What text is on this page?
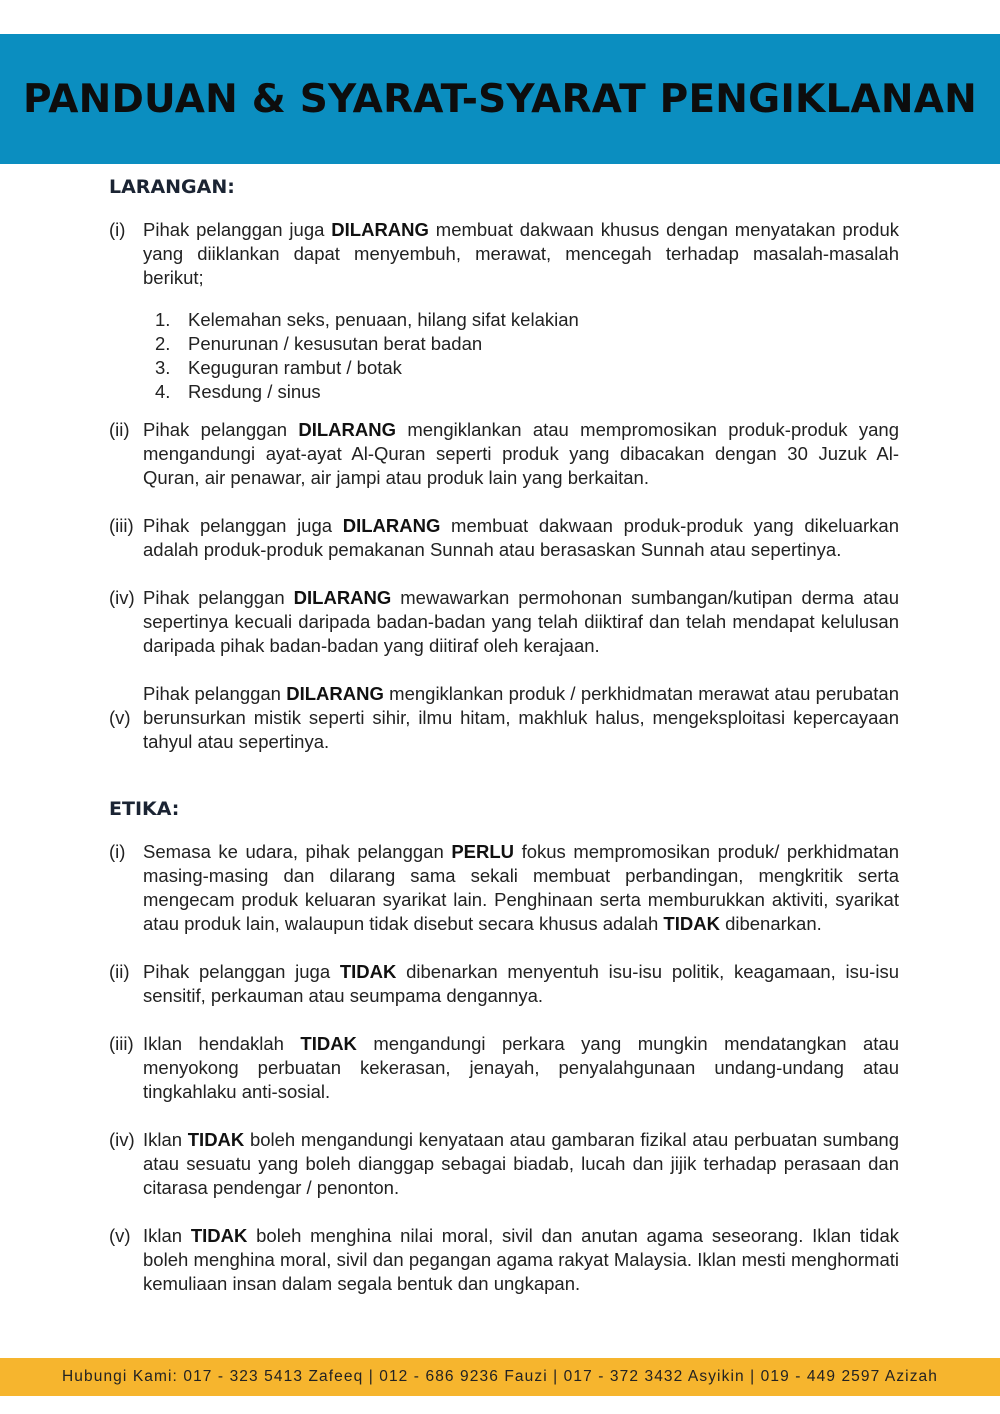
PANDUAN & SYARAT-SYARAT PENGIKLANAN
LARANGAN:
(i) Pihak pelanggan juga DILARANG membuat dakwaan khusus dengan menyatakan produk yang diiklankan dapat menyembuh, merawat, mencegah terhadap masalah-masalah berikut;

1. Kelemahan seks, penuaan, hilang sifat kelakian
2. Penurunan / kesusutan berat badan
3. Keguguran rambut / botak
4. Resdung / sinus
(ii) Pihak pelanggan DILARANG mengiklankan atau mempromosikan produk-produk yang mengandungi ayat-ayat Al-Quran seperti produk yang dibacakan dengan 30 Juzuk Al-Quran, air penawar, air jampi atau produk lain yang berkaitan.

(iii) Pihak pelanggan juga DILARANG membuat dakwaan produk-produk yang dikeluarkan adalah produk-produk pemakanan Sunnah atau berasaskan Sunnah atau sepertinya.

(iv) Pihak pelanggan DILARANG mewawarkan permohonan sumbangan/kutipan derma atau sepertinya kecuali daripada badan-badan yang telah diiktiraf dan telah mendapat kelulusan daripada pihak badan-badan yang diitiraf oleh kerajaan.

(v)

Pihak pelanggan DILARANG mengiklankan produk / perkhidmatan merawat atau perubatan berunsurkan mistik seperti sihir, ilmu hitam, makhluk halus, mengeksploitasi kepercayaan tahyul atau sepertinya.

ETIKA:
(i) Semasa ke udara, pihak pelanggan PERLU fokus mempromosikan produk/ perkhidmatan masing-masing dan dilarang sama sekali membuat perbandingan, mengkritik serta mengecam produk keluaran syarikat lain. Penghinaan serta memburukkan aktiviti, syarikat atau produk lain, walaupun tidak disebut secara khusus adalah TIDAK dibenarkan.

(ii) Pihak pelanggan juga TIDAK dibenarkan menyentuh isu-isu politik, keagamaan, isu-isu sensitif, perkauman atau seumpama dengannya.

(iii) Iklan hendaklah TIDAK mengandungi perkara yang mungkin mendatangkan atau menyokong perbuatan kekerasan, jenayah, penyalahgunaan undang-undang atau tingkahlaku anti-sosial.

(iv) Iklan TIDAK boleh mengandungi kenyataan atau gambaran fizikal atau perbuatan sumbang atau sesuatu yang boleh dianggap sebagai biadab, lucah dan jijik terhadap perasaan dan citarasa pendengar / penonton.

(v) Iklan TIDAK boleh menghina nilai moral, sivil dan anutan agama seseorang. Iklan tidak boleh menghina moral, sivil dan pegangan agama rakyat Malaysia. Iklan mesti menghormati kemuliaan insan dalam segala bentuk dan ungkapan.

Hubungi Kami: 017 - 323 5413 Zafeeq | 012 - 686 9236 Fauzi | 017 - 372 3432 Asyikin | 019 - 449 2597 Azizah
